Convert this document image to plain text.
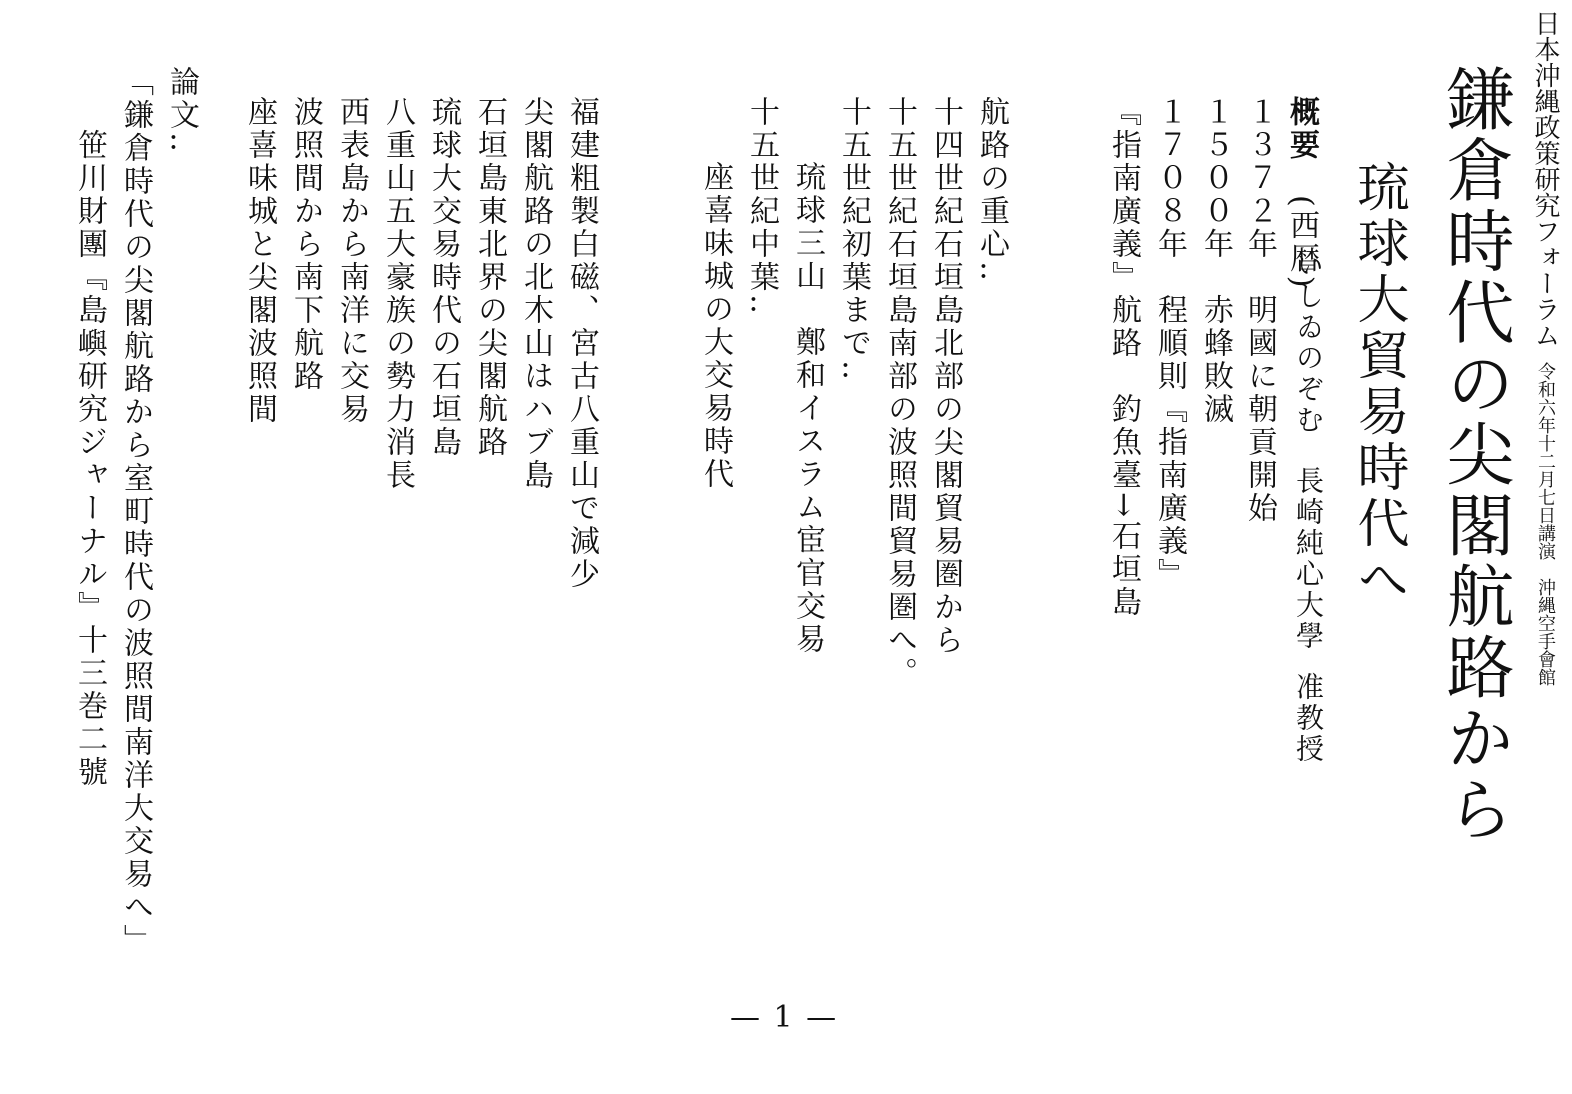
日本沖縄政策研究フォーラム令和六年十二月七日講演　沖縄空手會館
鎌倉時代の尖閣航路から
琉球大貿易時代へ
いしゐのぞむ長崎純心大學准教授
概要　(西暦)
１３７２年　明國に朝貢開始
１５００年　赤蜂敗滅
１７０８年　程順則『指南廣義』
『指南廣義』航路　釣魚臺→石垣島
航路の重心‥
十四世紀石垣島北部の尖閣貿易圏から
十五世紀石垣島南部の波照間貿易圏へ。
十五世紀初葉まで‥
　琉球三山　鄭和イスラム宦官交易
十五世紀中葉‥
　座喜味城の大交易時代
福建粗製白磁、宮古八重山で減少
尖閣航路の北木山はハブ島
石垣島東北界の尖閣航路
琉球大交易時代の石垣島
八重山五大豪族の勢力消長
西表島から南洋に交易
波照間から南下航路
座喜味城と尖閣波照間
論文‥
「鎌倉時代の尖閣航路から室町時代の波照間南洋大交易へ」
　笹川財團『島嶼研究ジャーナル』十三巻二號
— 1 —
